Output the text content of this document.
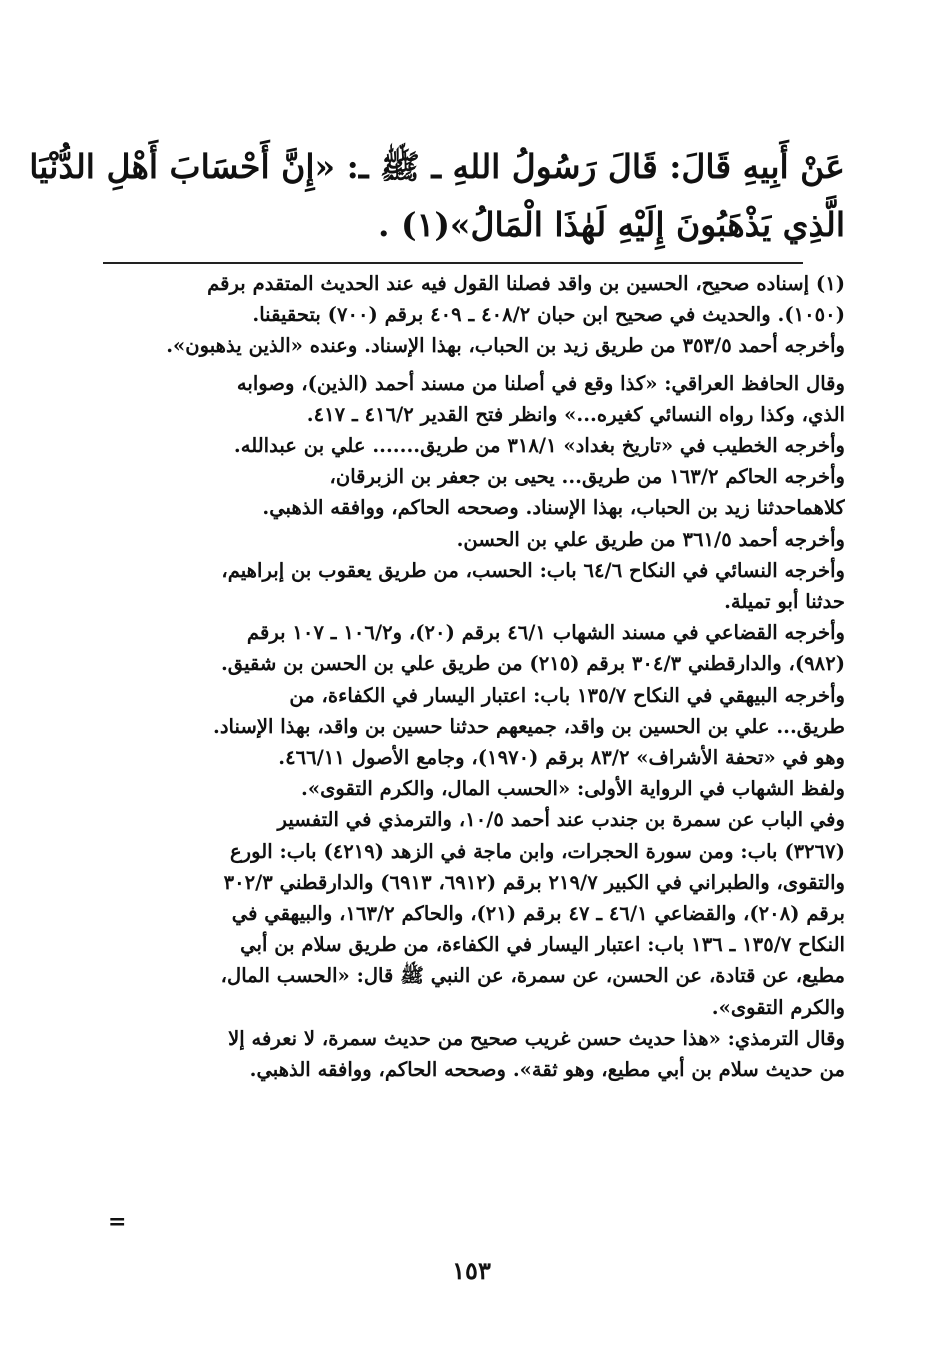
عَنْ أَبِيهِ قَالَ: قَالَ رَسُولُ اللهِ ـ ﷺ ـ: «إِنَّ أَحْسَابَ أَهْلِ الدُّنْيَا
الَّذِي يَذْهَبُونَ إِلَيْهِ لَهٰذَا الْمَالُ»(١) .
(١) إسناده صحيح، الحسين بن واقد فصلنا القول فيه عند الحديث المتقدم برقم
(١٠٥٠). والحديث في صحيح ابن حبان ٤٠٨/٢ ـ ٤٠٩ برقم (٧٠٠) بتحقيقنا.
وأخرجه أحمد ٣٥٣/٥ من طريق زيد بن الحباب، بهذا الإسناد. وعنده «الذين يذهبون».
وقال الحافظ العراقي: «كذا وقع في أصلنا من مسند أحمد (الذين)، وصوابه
الذي، وكذا رواه النسائي كغيره...» وانظر فتح القدير ٤١٦/٢ ـ ٤١٧.
وأخرجه الخطيب في «تاريخ بغداد» ٣١٨/١ من طريق....... علي بن عبدالله.
وأخرجه الحاكم ١٦٣/٢ من طريق... يحيى بن جعفر بن الزبرقان،
كلاهماحدثنا زيد بن الحباب، بهذا الإسناد. وصححه الحاكم، ووافقه الذهبي.
وأخرجه أحمد ٣٦١/٥ من طريق علي بن الحسن.
وأخرجه النسائي في النكاح ٦٤/٦ باب: الحسب، من طريق يعقوب بن إبراهيم،
حدثنا أبو تميلة.
وأخرجه القضاعي في مسند الشهاب ٤٦/١ برقم (٢٠)، و١٠٦/٢ ـ ١٠٧ برقم
(٩٨٢)، والدارقطني ٣٠٤/٣ برقم (٢١٥) من طريق علي بن الحسن بن شقيق.
وأخرجه البيهقي في النكاح ١٣٥/٧ باب: اعتبار اليسار في الكفاءة، من
طريق... علي بن الحسين بن واقد، جميعهم حدثنا حسين بن واقد، بهذا الإسناد.
وهو في «تحفة الأشراف» ٨٣/٢ برقم (١٩٧٠)، وجامع الأصول ٤٦٦/١١.
ولفظ الشهاب في الرواية الأولى: «الحسب المال، والكرم التقوى».
وفي الباب عن سمرة بن جندب عند أحمد ١٠/٥، والترمذي في التفسير
(٣٢٦٧) باب: ومن سورة الحجرات، وابن ماجة في الزهد (٤٢١٩) باب: الورع
والتقوى، والطبراني في الكبير ٢١٩/٧ برقم (٦٩١٢، ٦٩١٣) والدارقطني ٣٠٢/٣
برقم (٢٠٨)، والقضاعي ٤٦/١ ـ ٤٧ برقم (٢١)، والحاكم ١٦٣/٢، والبيهقي في
النكاح ١٣٥/٧ ـ ١٣٦ باب: اعتبار اليسار في الكفاءة، من طريق سلام بن أبي
مطيع، عن قتادة، عن الحسن، عن سمرة، عن النبي ﷺ قال: «الحسب المال،
والكرم التقوى».
وقال الترمذي: «هذا حديث حسن غريب صحيح من حديث سمرة، لا نعرفه إلا
من حديث سلام بن أبي مطيع، وهو ثقة». وصححه الحاكم، ووافقه الذهبي.
=
١٥٣
